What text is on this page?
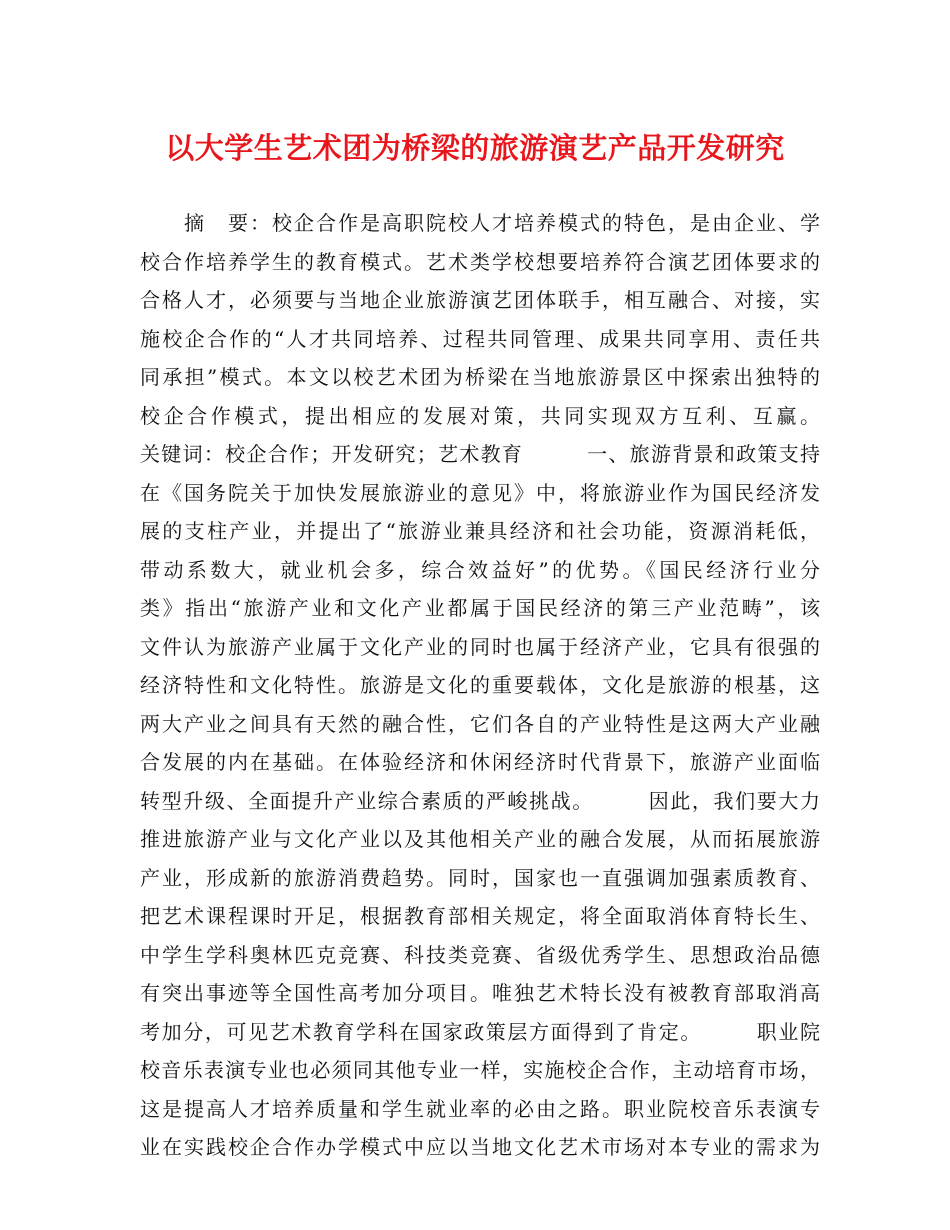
以大学生艺术团为桥梁的旅游演艺产品开发研究
　　摘　要：校企合作是高职院校人才培养模式的特色，是由企业、学
校合作培养学生的教育模式。艺术类学校想要培养符合演艺团体要求的
合格人才，必须要与当地企业旅游演艺团体联手，相互融合、对接，实
施校企合作的“人才共同培养、过程共同管理、成果共同享用、责任共
同承担”模式。本文以校艺术团为桥梁在当地旅游景区中探索出独特的
校企合作模式，提出相应的发展对策，共同实现双方互利、互赢。
关键词：校企合作；开发研究；艺术教育　　　一、旅游背景和政策支持
在《国务院关于加快发展旅游业的意见》中，将旅游业作为国民经济发
展的支柱产业，并提出了“旅游业兼具经济和社会功能，资源消耗低，
带动系数大，就业机会多，综合效益好”的优势。《国民经济行业分
类》指出“旅游产业和文化产业都属于国民经济的第三产业范畴”，该
文件认为旅游产业属于文化产业的同时也属于经济产业，它具有很强的
经济特性和文化特性。旅游是文化的重要载体，文化是旅游的根基，这
两大产业之间具有天然的融合性，它们各自的产业特性是这两大产业融
合发展的内在基础。在体验经济和休闲经济时代背景下，旅游产业面临
转型升级、全面提升产业综合素质的严峻挑战。　　　因此，我们要大力
推进旅游产业与文化产业以及其他相关产业的融合发展，从而拓展旅游
产业，形成新的旅游消费趋势。同时，国家也一直强调加强素质教育、
把艺术课程课时开足，根据教育部相关规定，将全面取消体育特长生、
中学生学科奥林匹克竞赛、科技类竞赛、省级优秀学生、思想政治品德
有突出事迹等全国性高考加分项目。唯独艺术特长没有被教育部取消高
考加分，可见艺术教育学科在国家政策层方面得到了肯定。　　　职业院
校音乐表演专业也必须同其他专业一样，实施校企合作，主动培育市场，
这是提高人才培养质量和学生就业率的必由之路。职业院校音乐表演专
业在实践校企合作办学模式中应以当地文化艺术市场对本专业的需求为
